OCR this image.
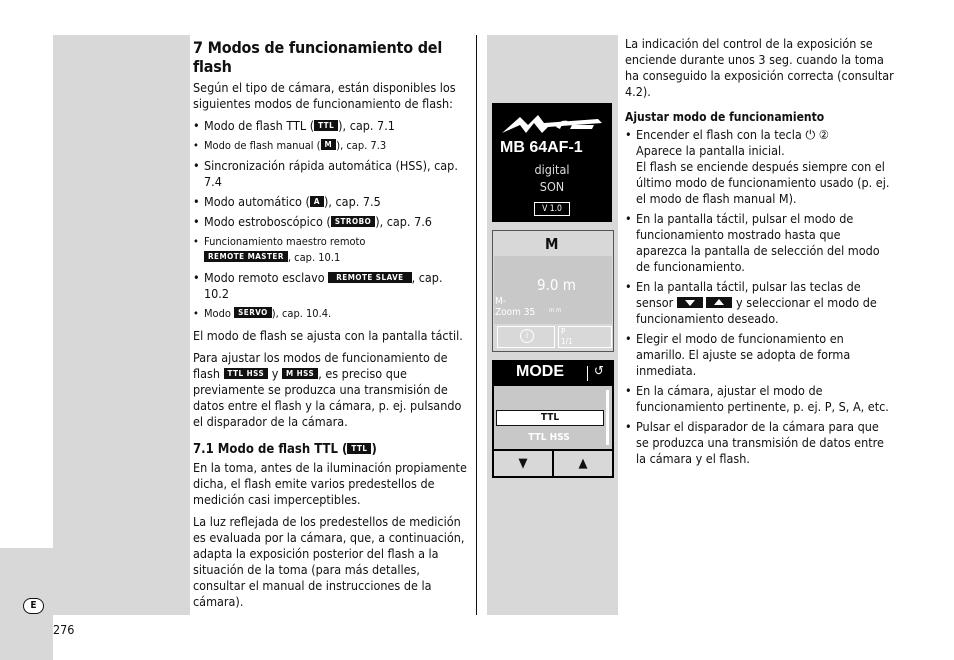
E
276
7 Modos de funcionamiento del flash

Según el tipo de cámara, están disponibles los siguientes modos de funcionamiento de flash:

• Modo de flash TTL ( TTL ), cap. 7.1
• Modo de flash manual ( M ), cap. 7.3
• Sincronización rápida automática (HSS), cap. 7.4
• Modo automático ( A ), cap. 7.5
• Modo estroboscópico ( STROBO ), cap. 7.6
• Funcionamiento maestro remoto
REMOTE MASTER , cap. 10.1
• Modo remoto esclavo REMOTE SLAVE , cap. 10.2
• Modo SERVO ), cap. 10.4.

El modo de flash se ajusta con la pantalla táctil.

Para ajustar los modos de funcionamiento de flash TTL HSS y M HSS , es preciso que previamente se produzca una transmisión de datos entre el flash y la cámara, p. ej. pulsando el disparador de la cámara.

7.1 Modo de flash TTL ( TTL )

En la toma, antes de la iluminación propiamente dicha, el flash emite varios predestellos de medición casi imperceptibles.

La luz reflejada de los predestellos de medición es evaluada por la cámara, que, a continuación, adapta la exposición posterior del flash a la situación de la toma (para más detalles, consultar el manual de instrucciones de la cámara).

MB 64AF-1
digital
SON
V 1.0
M
9.0 m
M-
Zoom 35 m m
i	P
1/1
MODE ↺
TTL
TTL HSS
▼	▲

La indicación del control de la exposición se enciende durante unos 3 seg. cuando la toma ha conseguido la exposición correcta (consultar 4.2).

Ajustar modo de funcionamiento
• Encender el flash con la tecla ⏻ ②
Aparece la pantalla inicial.
El flash se enciende después siempre con el último modo de funcionamiento usado (p. ej. el modo de flash manual M).
• En la pantalla táctil, pulsar el modo de funcionamiento mostrado hasta que aparezca la pantalla de selección del modo de funcionamiento.
• En la pantalla táctil, pulsar las teclas de sensor
	y seleccionar el modo de funcionamiento deseado.
• Elegir el modo de funcionamiento en amarillo. El ajuste se adopta de forma inmediata.
• En la cámara, ajustar el modo de funcionamiento pertinente, p. ej. P, S, A, etc.
• Pulsar el disparador de la cámara para que se produzca una transmisión de datos entre la cámara y el flash.
